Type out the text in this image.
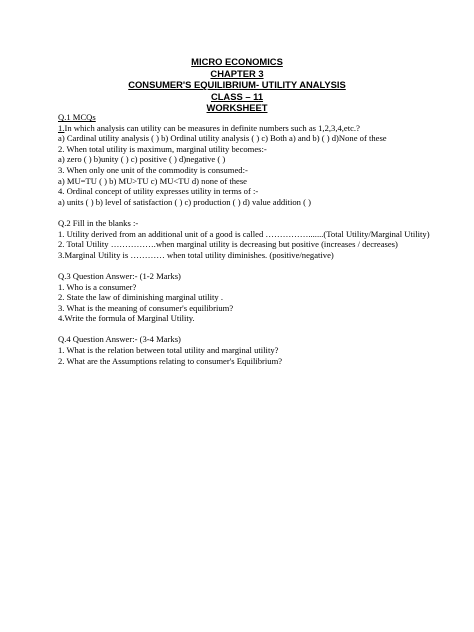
MICRO ECONOMICS
CHAPTER 3
CONSUMER'S EQUILIBRIUM- UTILITY ANALYSIS
CLASS – 11
WORKSHEET
Q.1 MCQs
1.In which analysis can utility can be measures in definite numbers such as 1,2,3,4,etc.?
a) Cardinal utility analysis ( ) b) Ordinal utility analysis ( ) c) Both a) and b) ( ) d)None of these
2. When total utility is maximum, marginal utility becomes:-
a) zero ( ) b)unity ( ) c) positive ( ) d)negative ( )
3. When only one unit of the commodity is consumed:-
a) MU=TU ( ) b) MU>TU c) MU<TU d) none of these
4. Ordinal concept of utility expresses utility in terms of :-
a) units ( ) b) level of satisfaction ( ) c) production ( ) d) value addition ( )
Q.2 Fill in the blanks :-
1. Utility derived from an additional unit of a good is called …………….......(Total Utility/Marginal Utility)
2. Total Utility …………….when marginal utility is decreasing but positive (increases / decreases)
3.Marginal Utility is ………… when total utility diminishes. (positive/negative)
Q.3 Question Answer:- (1-2 Marks)
1. Who is a consumer?
2. State the law of diminishing marginal utility .
3. What is the meaning of consumer's equilibrium?
4.Write the formula of Marginal Utility.
Q.4 Question Answer:- (3-4 Marks)
1. What is the relation between total utility and marginal utility?
2. What are the Assumptions relating to consumer's Equilibrium?
